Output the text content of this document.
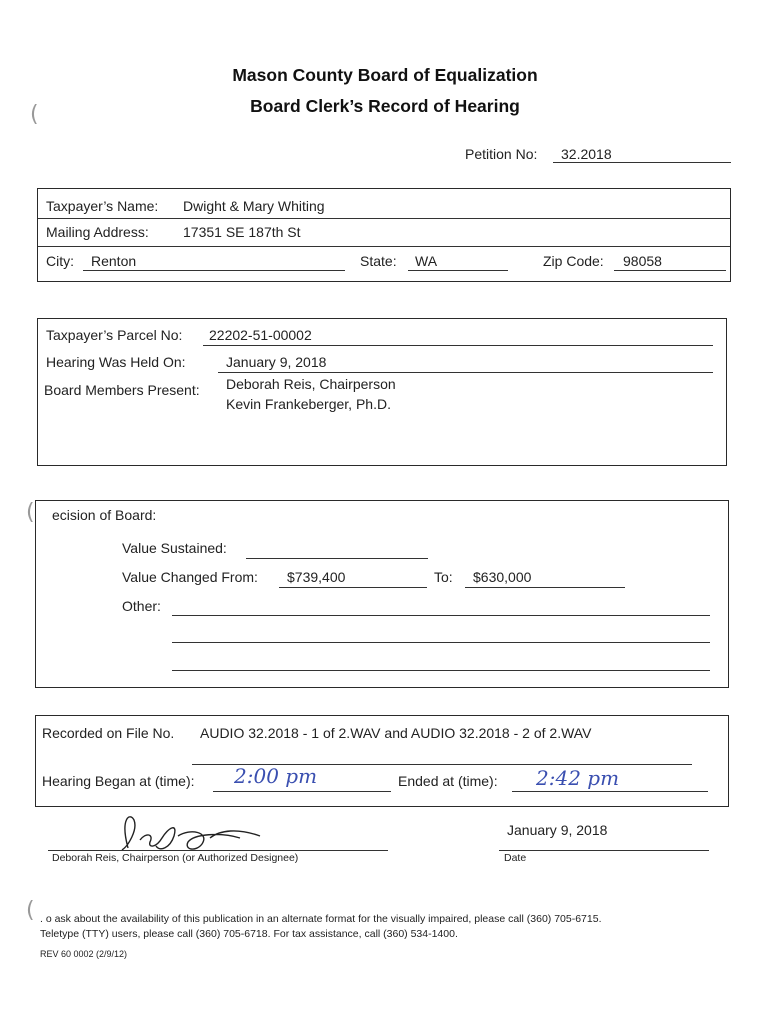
Mason County Board of Equalization
Board Clerk’s Record of Hearing
(
Petition No: 32.2018
Taxpayer’s Name: Dwight & Mary Whiting
Mailing Address: 17351 SE 187th St
City: Renton	State: WA	Zip Code: 98058
Taxpayer’s Parcel No: 22202-51-00002
Hearing Was Held On:	January 9, 2018
Board Members Present: Deborah Reis, Chairperson
Kevin Frankeberger, Ph.D.
( ecision of Board:
Value Sustained:
Value Changed From: $739,400	To: $630,000
Other:
Recorded on File No. AUDIO 32.2018 - 1 of 2.WAV and AUDIO 32.2018 - 2 of 2.WAV
Hearing Began at (time): 2:00 pm	Ended at (time): 2:42 pm
Deborah Reis, Chairperson (or Authorized Designee)
January 9, 2018
Date
( . o ask about the availability of this publication in an alternate format for the visually impaired, please call (360) 705-6715.
Teletype (TTY) users, please call (360) 705-6718. For tax assistance, call (360) 534-1400.
REV 60 0002 (2/9/12)
